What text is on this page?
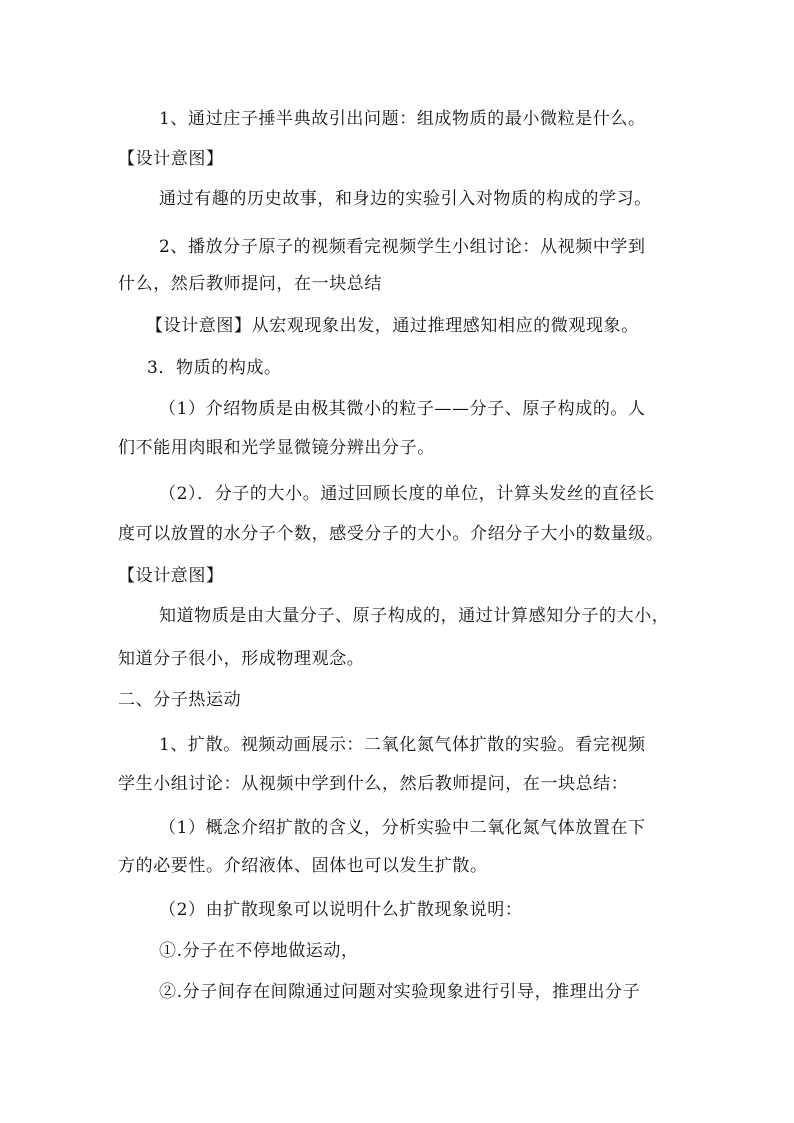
1、通过庄子捶半典故引出问题：组成物质的最小微粒是什么。
【设计意图】
通过有趣的历史故事，和身边的实验引入对物质的构成的学习。
2、播放分子原子的视频看完视频学生小组讨论：从视频中学到
什么，然后教师提问，在一块总结
【设计意图】从宏观现象出发，通过推理感知相应的微观现象。
3．物质的构成。
（1）介绍物质是由极其微小的粒子——分子、原子构成的。人
们不能用肉眼和光学显微镜分辨出分子。
（2）．分子的大小。通过回顾长度的单位，计算头发丝的直径长
度可以放置的水分子个数，感受分子的大小。介绍分子大小的数量级。
【设计意图】
知道物质是由大量分子、原子构成的，通过计算感知分子的大小，
知道分子很小，形成物理观念。
二、分子热运动
1、扩散。视频动画展示：二氧化氮气体扩散的实验。看完视频
学生小组讨论：从视频中学到什么，然后教师提问，在一块总结：
（1）概念介绍扩散的含义，分析实验中二氧化氮气体放置在下
方的必要性。介绍液体、固体也可以发生扩散。
（2）由扩散现象可以说明什么扩散现象说明：
①.分子在不停地做运动，
②.分子间存在间隙通过问题对实验现象进行引导，推理出分子
